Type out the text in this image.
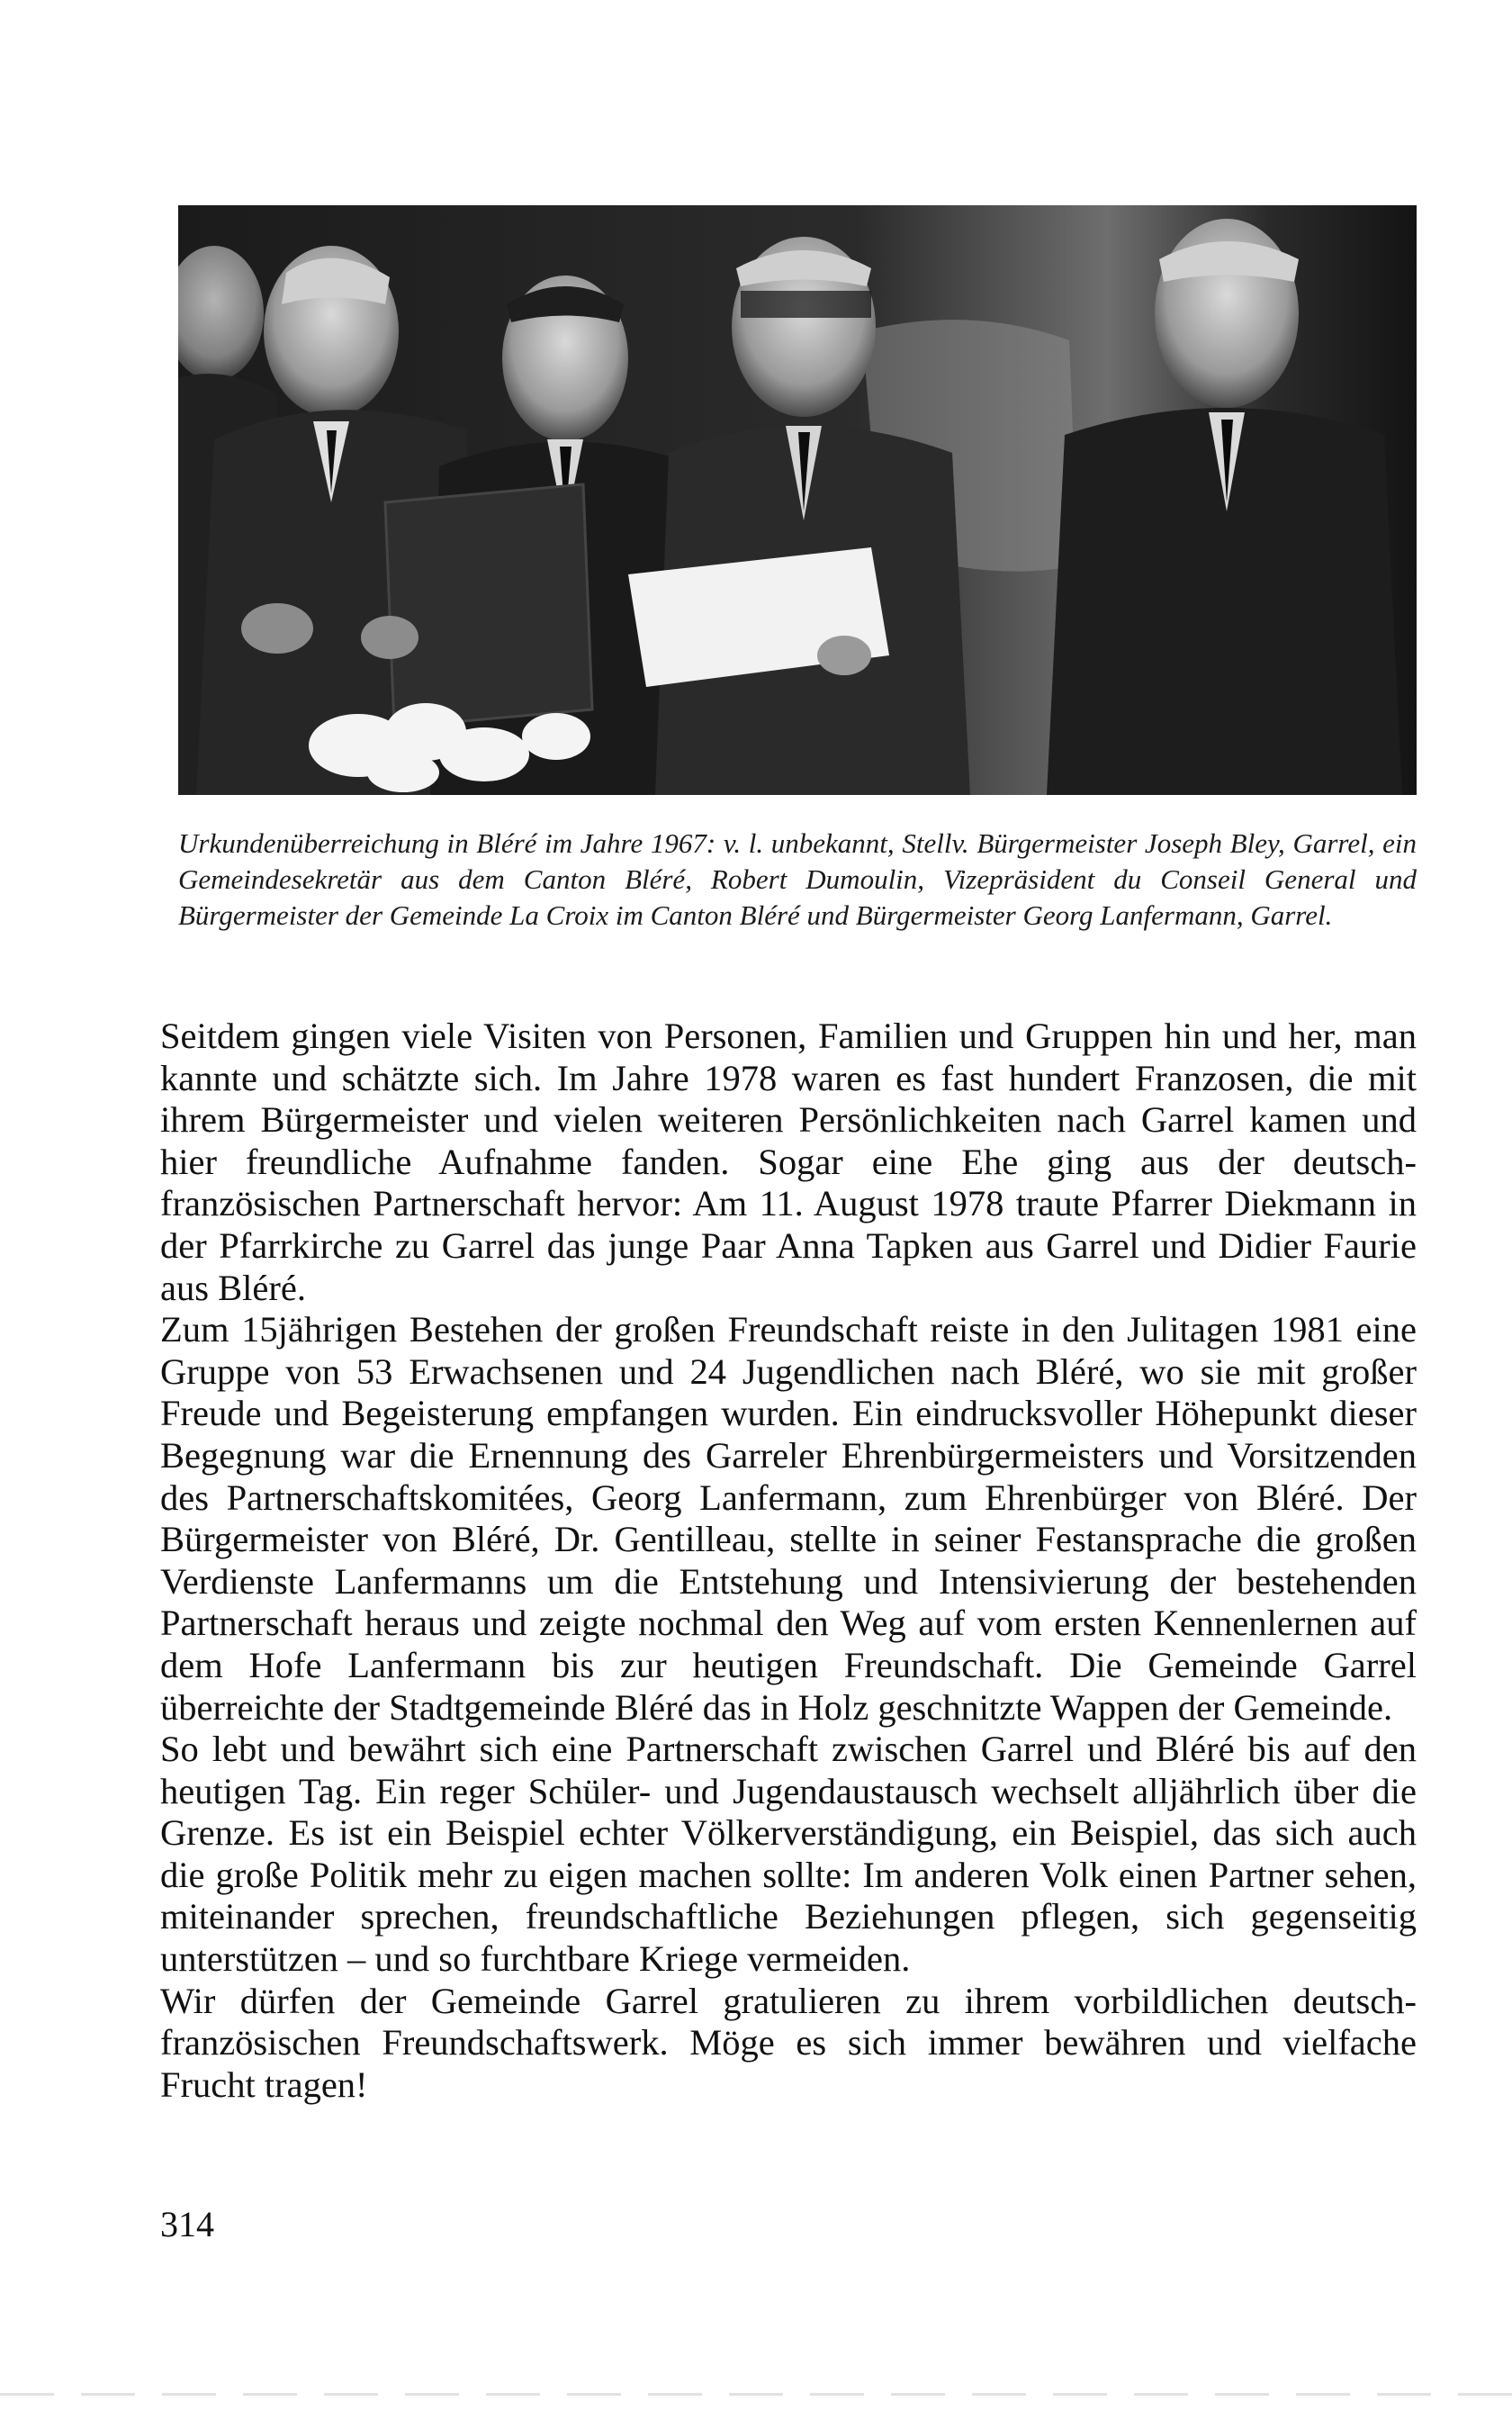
Urkundenüberreichung in Bléré im Jahre 1967: v. l. unbekannt, Stellv. Bürgermeister Joseph Bley, Garrel, ein Gemeindesekretär aus dem Canton Bléré, Robert Dumoulin, Vizepräsident du Conseil General und Bürgermeister der Gemeinde La Croix im Canton Bléré und Bürgermeister Georg Lanfermann, Garrel.

Seitdem gingen viele Visiten von Personen, Familien und Gruppen hin und her, man kannte und schätzte sich. Im Jahre 1978 waren es fast hundert Franzosen, die mit ihrem Bürgermeister und vielen weiteren Persönlichkeiten nach Garrel kamen und hier freundliche Aufnahme fanden. Sogar eine Ehe ging aus der deutsch-französischen Partnerschaft hervor: Am 11. August 1978 traute Pfarrer Diekmann in der Pfarrkirche zu Garrel das junge Paar Anna Tapken aus Garrel und Didier Faurie aus Bléré.

Zum 15jährigen Bestehen der großen Freundschaft reiste in den Julitagen 1981 eine Gruppe von 53 Erwachsenen und 24 Jugendlichen nach Bléré, wo sie mit großer Freude und Begeisterung empfangen wurden. Ein eindrucksvoller Höhepunkt dieser Begegnung war die Ernennung des Garreler Ehrenbürgermeisters und Vorsitzenden des Partnerschaftskomitées, Georg Lanfermann, zum Ehrenbürger von Bléré. Der Bürgermeister von Bléré, Dr. Gentilleau, stellte in seiner Festansprache die großen Verdienste Lanfermanns um die Entstehung und Intensivierung der bestehenden Partnerschaft heraus und zeigte nochmal den Weg auf vom ersten Kennenlernen auf dem Hofe Lanfermann bis zur heutigen Freundschaft. Die Gemeinde Garrel überreichte der Stadtgemeinde Bléré das in Holz geschnitzte Wappen der Gemeinde.

So lebt und bewährt sich eine Partnerschaft zwischen Garrel und Bléré bis auf den heutigen Tag. Ein reger Schüler- und Jugendaustausch wechselt alljährlich über die Grenze. Es ist ein Beispiel echter Völkerverständigung, ein Beispiel, das sich auch die große Politik mehr zu eigen machen sollte: Im anderen Volk einen Partner sehen, miteinander sprechen, freundschaftliche Beziehungen pflegen, sich gegenseitig unterstützen – und so furchtbare Kriege vermeiden.

Wir dürfen der Gemeinde Garrel gratulieren zu ihrem vorbildlichen deutsch-französischen Freundschaftswerk. Möge es sich immer bewähren und vielfache Frucht tragen!

314
